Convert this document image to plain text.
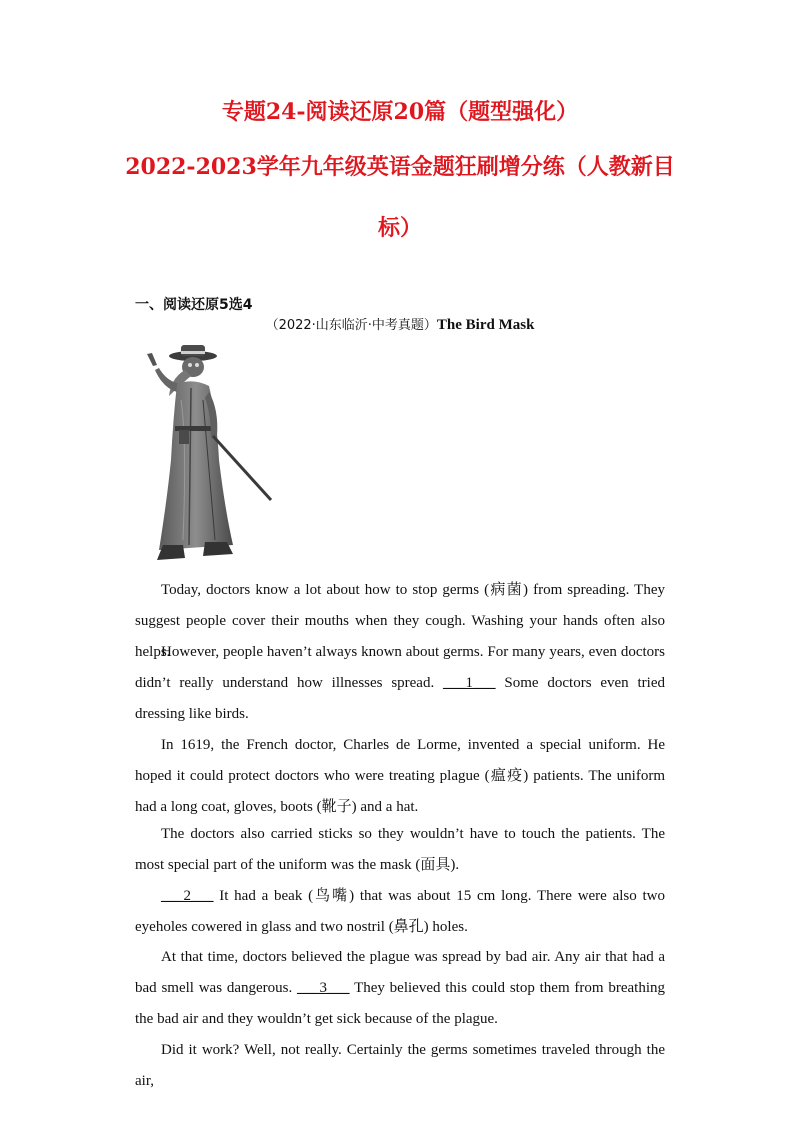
专题24-阅读还原20篇（题型强化）
2022-2023学年九年级英语金题狂刷增分练（人教新目
标）
一、阅读还原5选4
（2022·山东临沂·中考真题）The Bird Mask

Today, doctors know a lot about how to stop germs (病菌) from spreading. They suggest people cover their mouths when they cough. Washing your hands often also helps.

However, people haven’t always known about germs. For many years, even doctors didn’t really understand how illnesses spread. ___1___ Some doctors even tried dressing like birds.

In 1619, the French doctor, Charles de Lorme, invented a special uniform. He hoped it could protect doctors who were treating plague (瘟疫) patients. The uniform had a long coat, gloves, boots (靴子) and a hat.

The doctors also carried sticks so they wouldn’t have to touch the patients. The most special part of the uniform was the mask (面具).

___2___ It had a beak (鸟嘴) that was about 15 cm long. There were also two eyeholes cowered in glass and two nostril (鼻孔) holes.

At that time, doctors believed the plague was spread by bad air. Any air that had a bad smell was dangerous. ___3___ They believed this could stop them from breathing the bad air and they wouldn’t get sick because of the plague.

Did it work? Well, not really. Certainly the germs sometimes traveled through the air,
